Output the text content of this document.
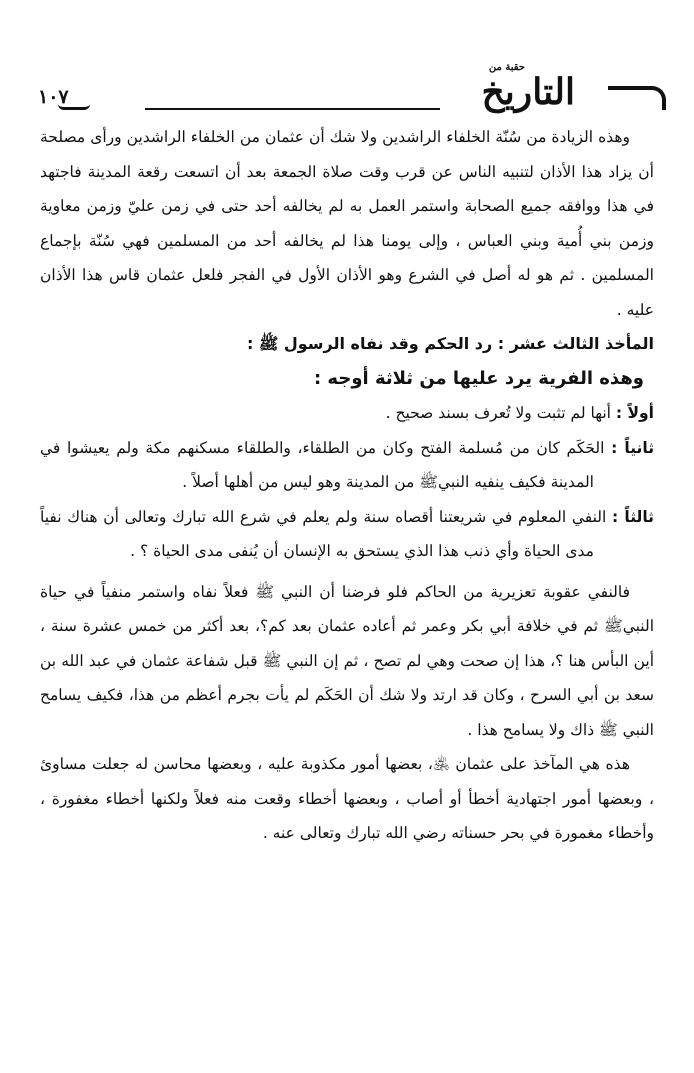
حقبة من
التاريخ
١٠٧

وهذه الزيادة من سُنّة الخلفاء الراشدين ولا شك أن عثمان من الخلفاء الراشدين ورأى مصلحة أن يزاد هذا الأذان لتنبيه الناس عن قرب وقت صلاة الجمعة بعد أن اتسعت رقعة المدينة فاجتهد في هذا ووافقه جميع الصحابة واستمر العمل به لم يخالفه أحد حتى في زمن عليّ وزمن معاوية وزمن بني أُمية وبني العباس ، وإلى يومنا هذا لم يخالفه أحد من المسلمين فهي سُنّة بإجماع المسلمين . ثم هو له أصل في الشرع وهو الأذان الأول في الفجر فلعل عثمان قاس هذا الأذان عليه .

المأخذ الثالث عشر : رد الحكم وقد نفاه الرسول ﷺ :

وهذه الفرية يرد عليها من ثلاثة أوجه :

أولاً : أنها لم تثبت ولا تُعرف بسند صحيح .

ثانياً : الحَكَم كان من مُسلمة الفتح وكان من الطلقاء، والطلقاء مسكنهم مكة ولم يعيشوا في المدينة فكيف ينفيه النبيﷺ من المدينة وهو ليس من أهلها أصلاً .

ثالثاً : النفي المعلوم في شريعتنا أقصاه سنة ولم يعلم في شرع الله تبارك وتعالى أن هناك نفياً مدى الحياة وأي ذنب هذا الذي يستحق به الإنسان أن يُنفى مدى الحياة ؟ .

فالنفي عقوبة تعزيرية من الحاكم فلو فرضنا أن النبي ﷺ فعلاً نفاه واستمر منفياً في حياة النبيﷺ ثم في خلافة أبي بكر وعمر ثم أعاده عثمان بعد كم؟، بعد أكثر من خمس عشرة سنة ، أين البأس هنا ؟، هذا إن صحت وهي لم تصح ، ثم إن النبي ﷺ قبل شفاعة عثمان في عبد الله بن سعد بن أبي السرح ، وكان قد ارتد ولا شك أن الحَكَم لم يأت بجرم أعظم من هذا، فكيف يسامح النبي ﷺ ذاك ولا يسامح هذا .

هذه هي المآخذ على عثمان ﵁، بعضها أمور مكذوبة عليه ، وبعضها محاسن له جعلت مساوئ ، وبعضها أمور اجتهادية أخطأ أو أصاب ، وبعضها أخطاء وقعت منه فعلاً ولكنها أخطاء مغفورة ، وأخطاء مغمورة في بحر حسناته رضي الله تبارك وتعالى عنه .
